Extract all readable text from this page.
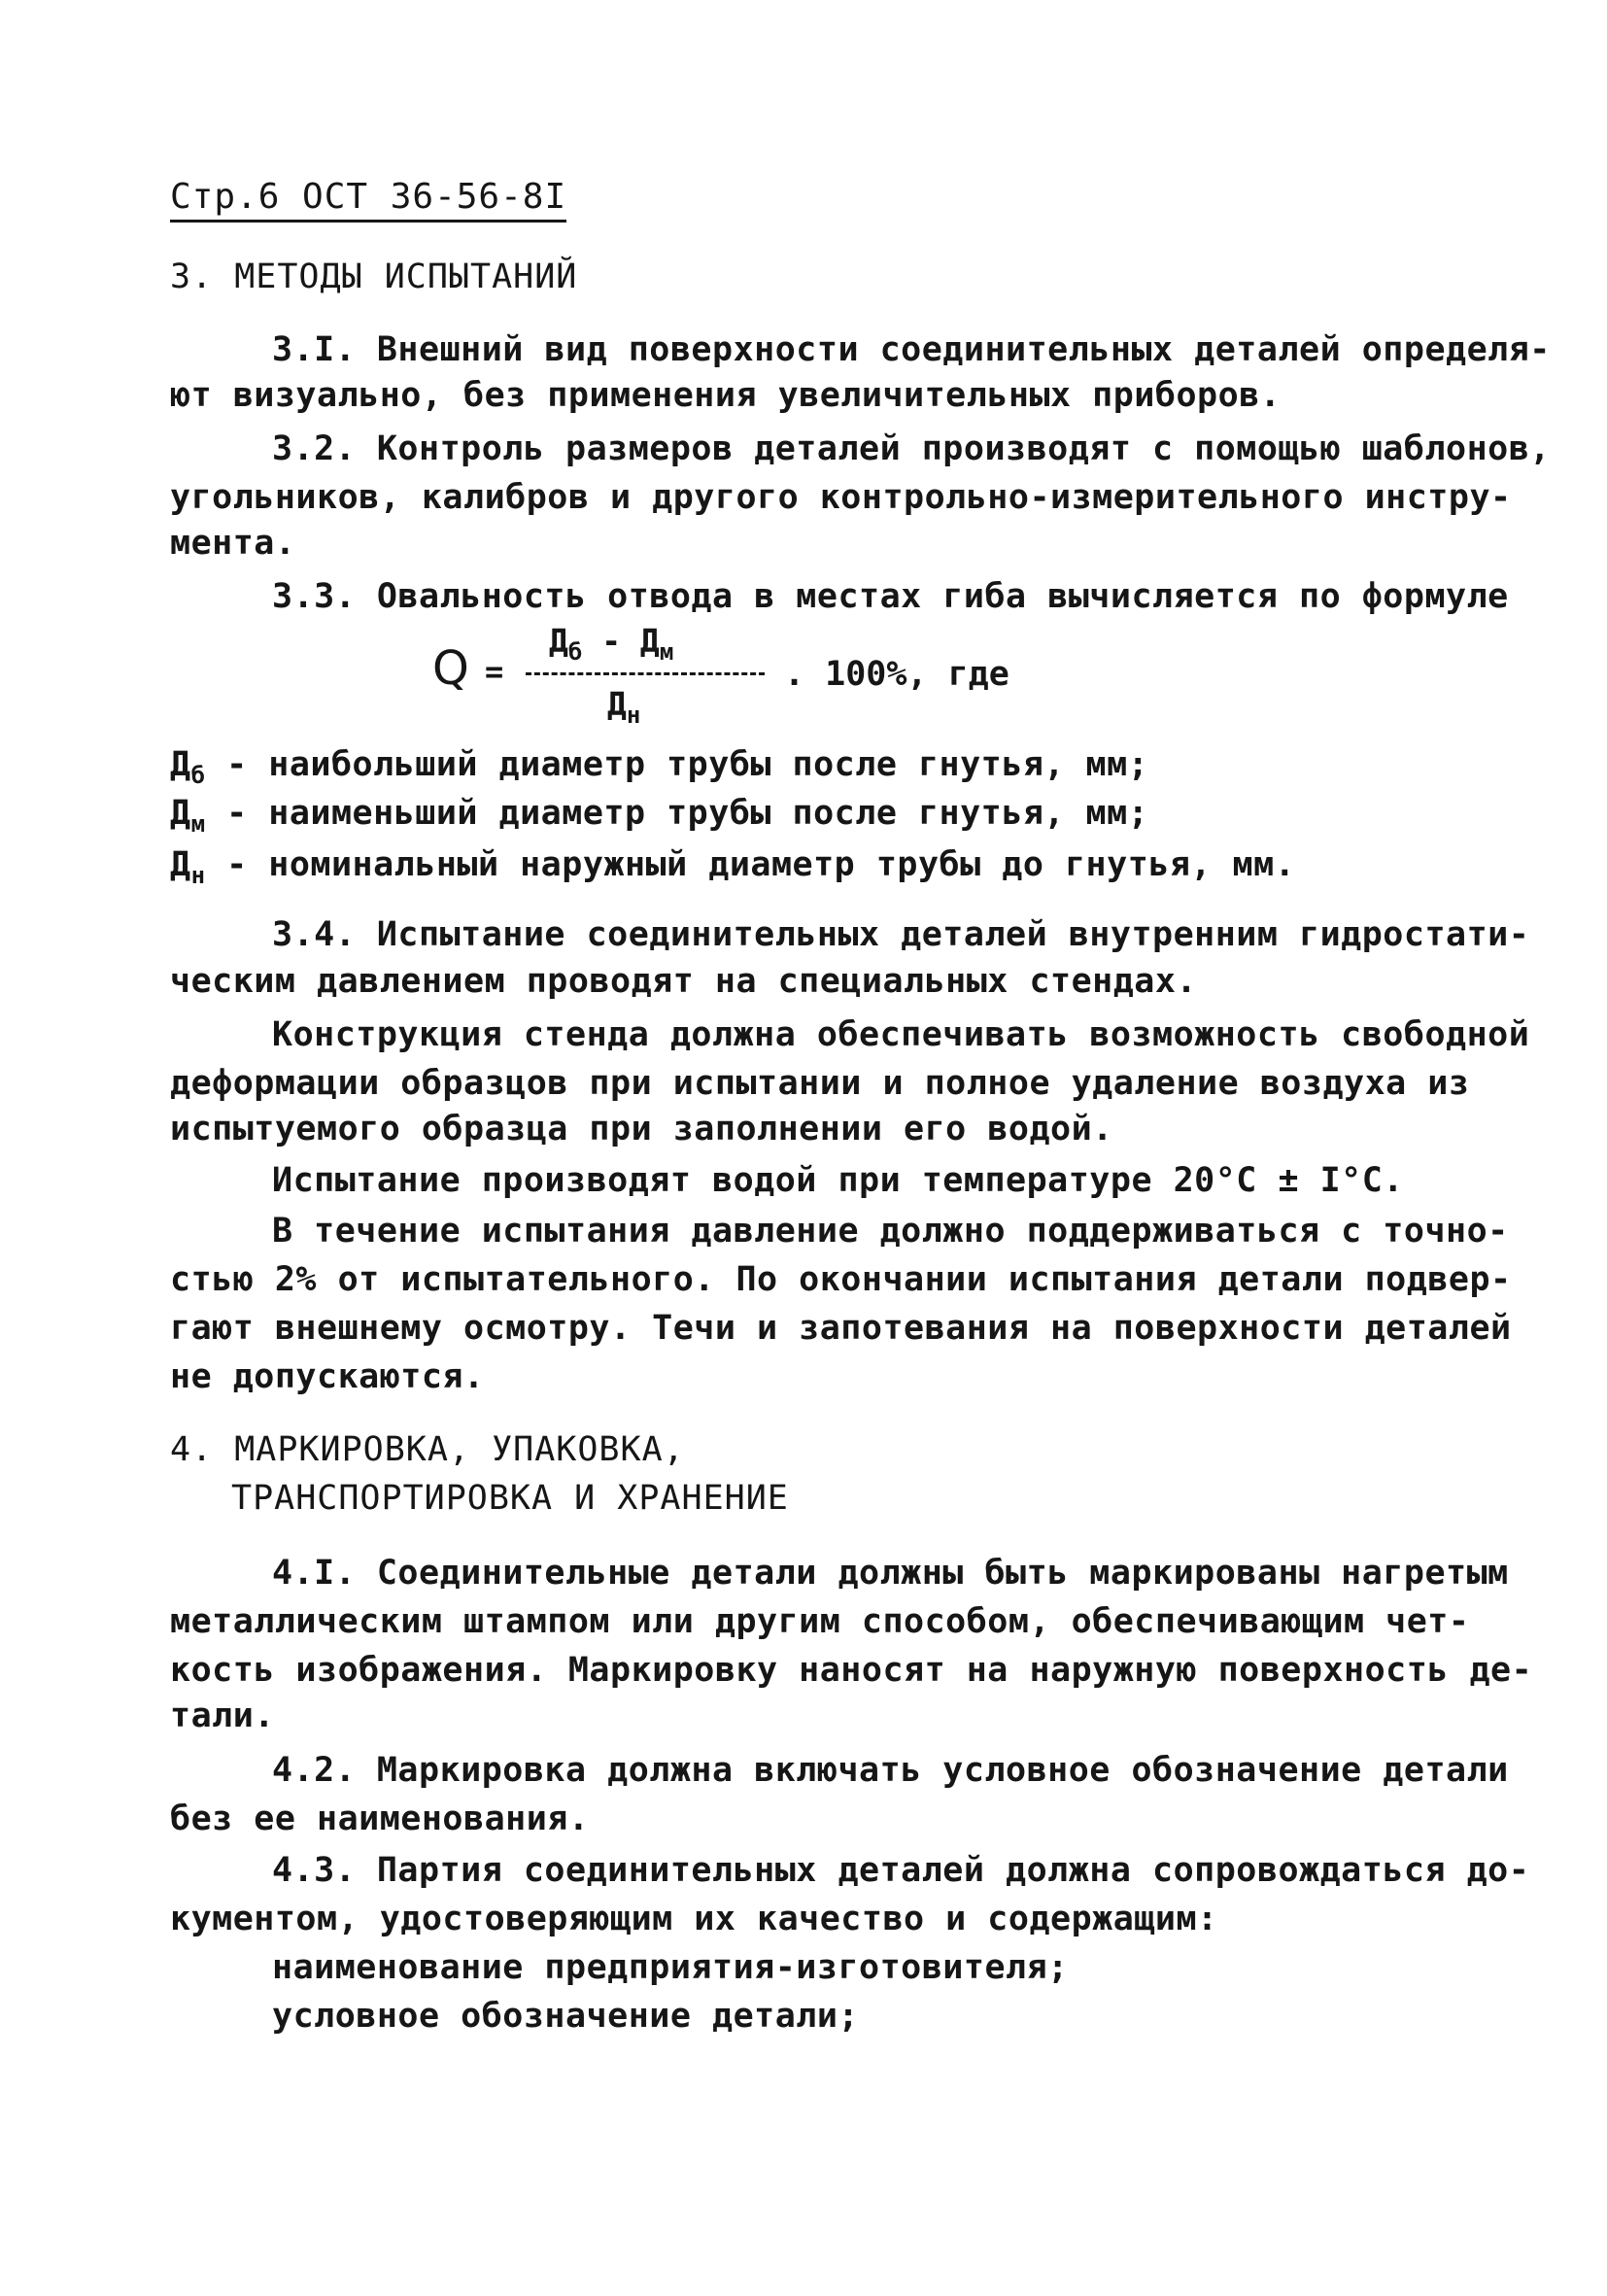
Стр.6 ОСТ 36-56-8I
3. МЕТОДЫ ИСПЫТАНИЙ
3.I. Внешний вид поверхности соединительных деталей определя-
ют визуально, без применения увеличительных приборов.
3.2. Контроль размеров деталей производят с помощью шаблонов,
угольников, калибров и другого контрольно-измерительного инстру-
мента.
3.3. Овальность отвода в местах гиба вычисляется по формуле
Q =
$Д_б - Д_м$
$Д_н$
. 100%, где
$Д_б$ - наибольший диаметр трубы после гнутья, мм;
$Д_м$ - наименьший диаметр трубы после гнутья, мм;
$Д_н$ - номинальный наружный диаметр трубы до гнутья, мм.
3.4. Испытание соединительных деталей внутренним гидростати-
ческим давлением проводят на специальных стендах.
Конструкция стенда должна обеспечивать возможность свободной
деформации образцов при испытании и полное удаление воздуха из
испытуемого образца при заполнении его водой.
Испытание производят водой при температуре 20°С ± I°С.
В течение испытания давление должно поддерживаться с точно-
стью 2% от испытательного. По окончании испытания детали подвер-
гают внешнему осмотру. Течи и запотевания на поверхности деталей
не допускаются.
4. МАРКИРОВКА, УПАКОВКА,
ТРАНСПОРТИРОВКА И ХРАНЕНИЕ
4.I. Соединительные детали должны быть маркированы нагретым
металлическим штампом или другим способом, обеспечивающим чет-
кость изображения. Маркировку наносят на наружную поверхность де-
тали.
4.2. Маркировка должна включать условное обозначение детали
без ее наименования.
4.3. Партия соединительных деталей должна сопровождаться до-
кументом, удостоверяющим их качество и содержащим:
наименование предприятия-изготовителя;
условное обозначение детали;
